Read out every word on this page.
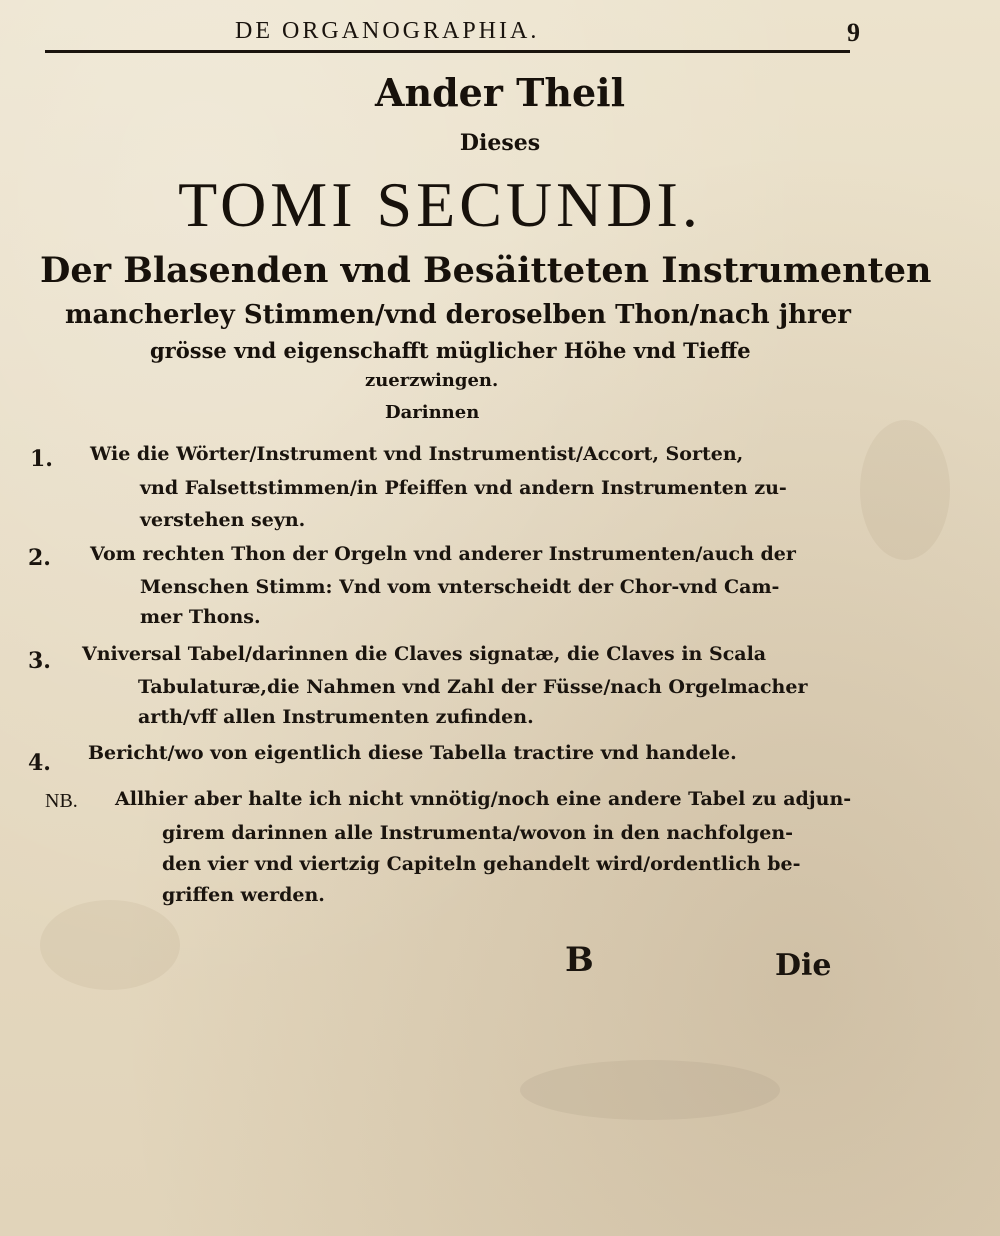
DE ORGANOGRAPHIA.	9
Ander Theil
Dieses
TOMI SECUNDI.
Der Blasenden vnd Besäitteten Instrumenten
mancherley Stimmen/vnd deroselben Thon/nach jhrer
grösse vnd eigenschafft müglicher Höhe vnd Tieffe
zuerzwingen.
Darinnen
1. Wie die Wörter/Instrument vnd Instrumentist/Accort, Sorten,
vnd Falsettstimmen/in Pfeiffen vnd andern Instrumenten zu-
verstehen seyn.
2. Vom rechten Thon der Orgeln vnd anderer Instrumenten/auch der
Menschen Stimm: Vnd vom vnterscheidt der Chor-vnd Cam-
mer Thons.
3. Vniversal Tabel/darinnen die Claves signatæ, die Claves in Scala
Tabulaturæ,die Nahmen vnd Zahl der Füsse/nach Orgelmacher
arth/vff allen Instrumenten zufinden.
4. Bericht/wo von eigentlich diese Tabella tractire vnd handele.
NB. Allhier aber halte ich nicht vnnötig/noch eine andere Tabel zu adjun-
girem darinnen alle Instrumenta/wovon in den nachfolgen-
den vier vnd viertzig Capiteln gehandelt wird/ordentlich be-
griffen werden.
B	Die
